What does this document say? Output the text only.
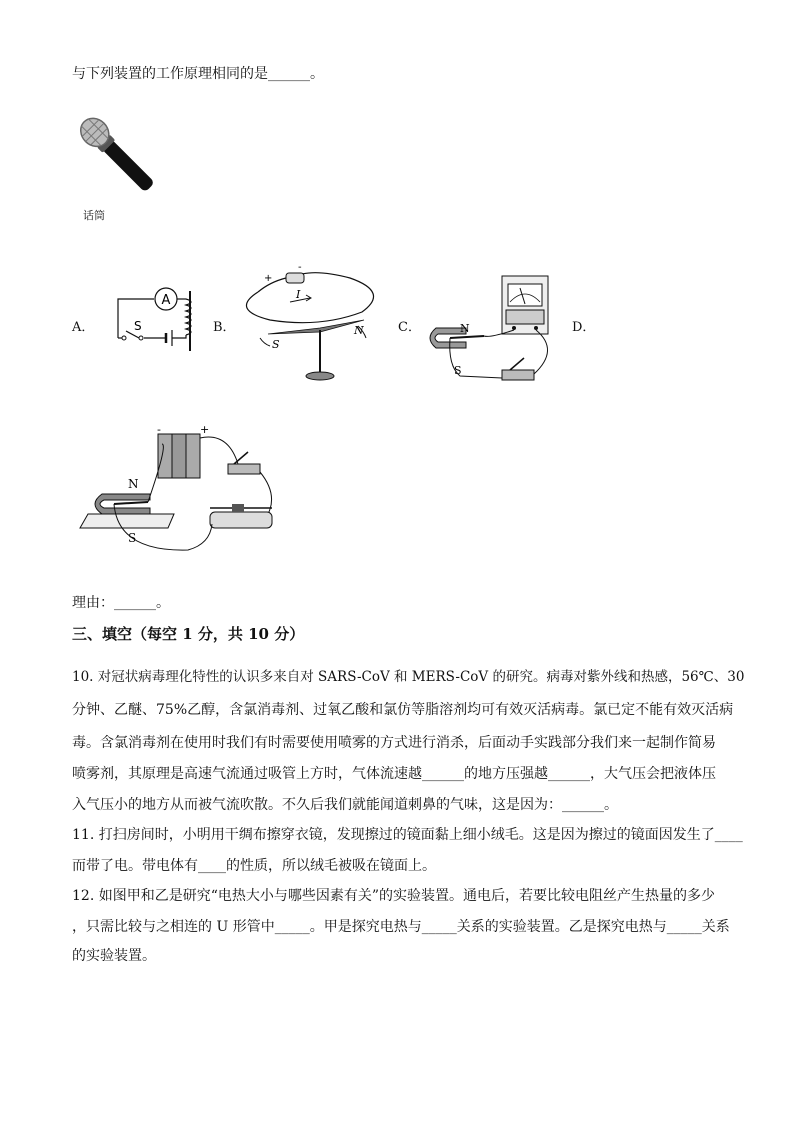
与下列装置的工作原理相同的是______。
话筒
A．	B．	C．	D．
A
S
+
-
I
S
N	N
S
-	+
N
S
理由：______。
三、填空（每空 1 分，共 10 分）
10. 对冠状病毒理化特性的认识多来自对 SARS-CoV 和 MERS-CoV 的研究。病毒对紫外线和热感，56℃、30
分钟、乙醚、75%乙醇，含氯消毒剂、过氧乙酸和氯仿等脂溶剂均可有效灭活病毒。氯已定不能有效灭活病
毒。含氯消毒剂在使用时我们有时需要使用喷雾的方式进行消杀，后面动手实践部分我们来一起制作简易
喷雾剂，其原理是高速气流通过吸管上方时，气体流速越______的地方压强越______，大气压会把液体压
入气压小的地方从而被气流吹散。不久后我们就能闻道刺鼻的气味，这是因为：______。
11. 打扫房间时，小明用干绸布擦穿衣镜，发现擦过的镜面黏上细小绒毛。这是因为擦过的镜面因发生了____
而带了电。带电体有____的性质，所以绒毛被吸在镜面上。
12. 如图甲和乙是研究“电热大小与哪些因素有关”的实验装置。通电后，若要比较电阻丝产生热量的多少
，只需比较与之相连的 U 形管中_____。甲是探究电热与_____关系的实验装置。乙是探究电热与_____关系
的实验装置。
